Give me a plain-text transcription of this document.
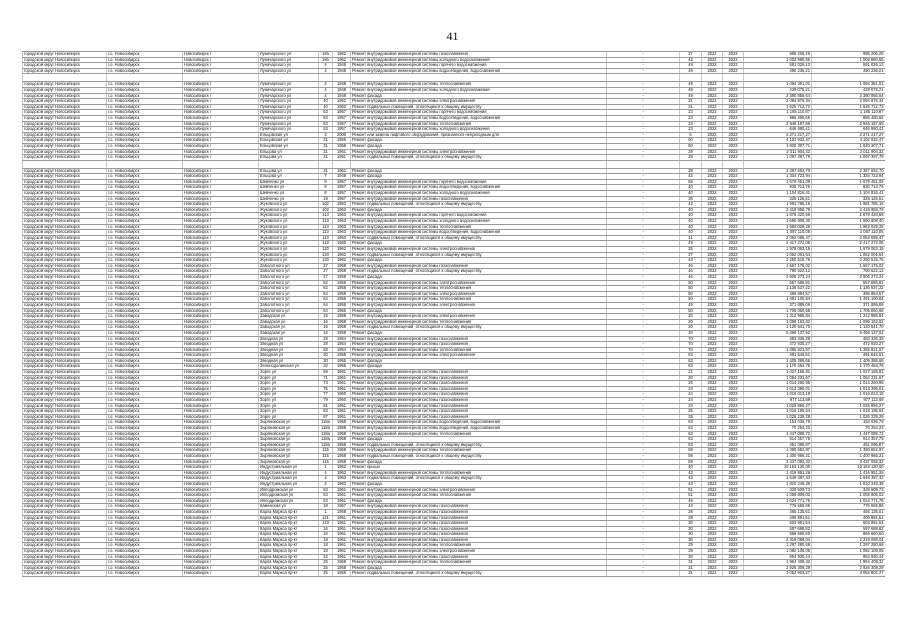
41
городской округ Новосибирск	г.о. Новосибирск	Новосибирск г	Луначарского ул	18а	1962	Ремонт внутридомовой инженерной системы газоснабжения	-	37	2022	2023	985 206,25	985 206,25
городской округ Новосибирск	г.о. Новосибирск	Новосибирск г	Луначарского ул	18б	1962	Ремонт внутридомовой инженерной системы холодного водоснабжения	-	42	2022	2023	1 002 980,55	1 002 980,55
городской округ Новосибирск	г.о. Новосибирск	Новосибирск г	Луначарского ул	4	1948	Ремонт внутридомовой инженерной системы горячего водоснабжения	-	49	2022	2023	591 026,13	591 026,13
городской округ Новосибирск	г.о. Новосибирск	Новосибирск г	Луначарского ул	4	1948	Ремонт внутридомовой инженерной системы водоотведения, водоснабжения	-	49	2022	2023	490 236,21	490 236,21

городской округ Новосибирск	г.о. Новосибирск	Новосибирск г	Луначарского ул	4	1948	Ремонт внутридомовой инженерной системы теплоснабжения	-	49	2022	2023	1 094 351,01	1 094 351,01
городской округ Новосибирск	г.о. Новосибирск	Новосибирск г	Луначарского ул	4	1948	Ремонт внутридомовой инженерной системы холодного водоснабжения	-	49	2022	2023	429 075,21	429 075,21
городской округ Новосибирск	г.о. Новосибирск	Новосибирск г	Луначарского ул	4	1948	Ремонт фасада	-	49	2022	2023	2 390 856,64	2 390 856,64
городской округ Новосибирск	г.о. Новосибирск	Новосибирск г	Луначарского ул	40	1962	Ремонт внутридомовой инженерной системы электроснабжения	-	31	2022	2023	2 094 876,34	2 094 876,34
городской округ Новосибирск	г.о. Новосибирск	Новосибирск г	Луначарского ул	40	1962	Ремонт подвальных помещений, относящихся к общему имуществу	-	31	2022	2023	1 625 712,72	1 625 712,72
городской округ Новосибирск	г.о. Новосибирск	Новосибирск г	Луначарского ул	63	1957	Ремонт внутридомовой инженерной системы горячего водоснабжения	-	23	2022	2023	1 185 110,87	1 185 110,87
городской округ Новосибирск	г.о. Новосибирск	Новосибирск г	Луначарского ул	63	1957	Ремонт внутридомовой инженерной системы водоотведения, водоснабжения	-	23	2022	2023	986 480,66	986 480,66
городской округ Новосибирск	г.о. Новосибирск	Новосибирск г	Луначарского ул	63	1957	Ремонт внутридомовой инженерной системы теплоснабжения	-	23	2022	2023	2 945 187,69	2 945 187,69
городской округ Новосибирск	г.о. Новосибирск	Новосибирск г	Луначарского ул	63	1957	Ремонт внутридомовой инженерной системы холодного водоснабжения	-	23	2022	2023	646 980,41	646 980,41
городской округ Новосибирск	г.о. Новосибирск	Новосибирск г	Ельцовская ул	2	2000	Ремонт или замена лифтового оборудования, признанного непригодным для	-	5	2022	2023	2 271 217,27	2 271 217,27
городской округ Новосибирск	г.о. Новосибирск	Новосибирск г	Ельцовская ул	31	1955	Ремонт фасада	-	60	2022	2023	4 102 932,47	4 102 932,47
городской округ Новосибирск	г.о. Новосибирск	Новосибирск г	Ельцовская ул	31	1958	Ремонт фасада	-	50	2022	2023	1 820 307,71	1 820 307,71
городской округ Новосибирск	г.о. Новосибирск	Новосибирск г	Ельцова ул	31	1961	Ремонт внутридомовой инженерной системы электроснабжения	-	29	2022	2023	2 011 904,32	2 011 904,32
городской округ Новосибирск	г.о. Новосибирск	Новосибирск г	Ельцова ул	31	1961	Ремонт подвальных помещений, относящихся к общему имуществу	-	29	2022	2023	1 097 397,79	1 097 397,79

городской округ Новосибирск	г.о. Новосибирск	Новосибирск г	Ельцова ул	31	1961	Ремонт фасада	-	29	2022	2023	2 387 652,70	2 387 652,70
городской округ Новосибирск	г.о. Новосибирск	Новосибирск г	Ельцова ул	7	1949	Ремонт фасада	-	42	2022	2023	1 334 723,94	1 334 723,94
городской округ Новосибирск	г.о. Новосибирск	Новосибирск г	Шевченко ул	8	1957	Ремонт внутридомовой инженерной системы горячего водоснабжения	-	65	2022	2023	1 679 451,09	1 679 451,09
городской округ Новосибирск	г.о. Новосибирск	Новосибирск г	Шевченко ул	8	1957	Ремонт внутридомовой инженерной системы водоотведения, водоснабжения	-	40	2022	2023	930 713,76	930 713,76
городской округ Новосибирск	г.о. Новосибирск	Новосибирск г	Шевченко ул	8	1957	Ремонт внутридомовой инженерной системы холодного водоснабжения	-	40	2022	2023	1 104 816,41	1 104 816,41
городской округ Новосибирск	г.о. Новосибирск	Новосибирск г	Шевченко ул	19	1957	Ремонт внутридомовой инженерной системы газоснабжения	-	36	2022	2023	325 126,51	325 126,51
городской округ Новосибирск	г.о. Новосибирск	Новосибирск г	Жуковского ул	102	1953	Ремонт подвальных помещений, относящихся к общему имуществу	-	42	2022	2023	1 981 786,16	1 981 786,16
городской округ Новосибирск	г.о. Новосибирск	Новосибирск г	Жуковского ул	102	1963	Ремонт фасада	-	40	2022	2023	2 418 958,79	2 418 958,79
городской округ Новосибирск	г.о. Новосибирск	Новосибирск г	Жуковского ул	113	1963	Ремонт внутридомовой инженерной системы горячего водоснабжения	-	40	2022	2023	1 678 420,59	1 678 420,59
городской округ Новосибирск	г.о. Новосибирск	Новосибирск г	Жуковского ул	113	1963	Ремонт внутридомовой инженерной системы холодного водоснабжения	-	40	2022	2023	1 690 808,40	1 690 808,40
городской округ Новосибирск	г.о. Новосибирск	Новосибирск г	Жуковского ул	113	1963	Ремонт внутридомовой инженерной системы теплоснабжения	-	40	2022	2023	1 982 029,28	1 982 029,28
городской округ Новосибирск	г.о. Новосибирск	Новосибирск г	Жуковского ул	113	1963	Ремонт внутридомовой инженерной системы водоотведения, водоснабжения	-	40	2022	2023	1 087 110,05	1 087 110,05
городской округ Новосибирск	г.о. Новосибирск	Новосибирск г	Жуковского ул	113	1963	Ремонт подвальных помещений, относящихся к общему имуществу	-	41	2022	2023	2 062 085,47	2 062 085,47
городской округ Новосибирск	г.о. Новосибирск	Новосибирск г	Жуковского ул	113	1960	Ремонт фасада	-	49	2022	2023	2 417 272,06	2 417 272,06
городской округ Новосибирск	г.о. Новосибирск	Новосибирск г	Жуковского ул	120	1962	Ремонт внутридомовой инженерной системы электроснабжения	-	35	2022	2023	1 979 063,15	1 979 063,15
городской округ Новосибирск	г.о. Новосибирск	Новосибирск г	Жуковского ул	120	1962	Ремонт подвальных помещений, относящихся к общему имуществу	-	37	2022	2023	1 062 001,64	1 062 001,64
городской округ Новосибирск	г.о. Новосибирск	Новосибирск г	Жуковского ул	120	1962	Ремонт фасада	-	43	2022	2023	2 250 515,76	2 250 515,76
городской округ Новосибирск	г.о. Новосибирск	Новосибирск г	Заболотного ул	27	1958	Ремонт внутридомовой инженерной системы газоснабжения	-	46	2022	2023	1 667 176,02	1 667 176,02
городской округ Новосибирск	г.о. Новосибирск	Новосибирск г	Заболотного ул	27	1958	Ремонт подвальных помещений, относящихся к общему имуществу	-	46	2022	2023	790 522,12	790 522,12
городской округ Новосибирск	г.о. Новосибирск	Новосибирск г	Заболотного ул	27	1958	Ремонт фасада	-	46	2022	2023	2 906 273,24	2 906 273,24
городской округ Новосибирск	г.о. Новосибирск	Новосибирск г	Заболотного ул	62	1956	Ремонт внутридомовой инженерной системы электроснабжения	-	50	2022	2023	557 686,91	557 686,91
городской округ Новосибирск	г.о. Новосибирск	Новосибирск г	Заболотного ул	62	1956	Ремонт внутридомовой инженерной системы теплоснабжения	-	50	2022	2023	1 136 537,22	1 136 537,22
городской округ Новосибирск	г.о. Новосибирск	Новосибирск г	Заболотного ул	64	1956	Ремонт внутридомовой инженерной системы электроснабжения	-	50	2022	2023	396 884,57	396 884,57
городской округ Новосибирск	г.о. Новосибирск	Новосибирск г	Заболотного ул	64	1956	Ремонт внутридомовой инженерной системы теплоснабжения	-	50	2022	2023	1 491 100,84	1 491 100,84
городской округ Новосибирск	г.о. Новосибирск	Новосибирск г	Заболотного ул	64	1956	Ремонт внутридомовой инженерной системы электроснабжения	-	45	2022	2023	371 886,06	371 886,06
городской округ Новосибирск	г.о. Новосибирск	Новосибирск г	Заболотного ул	64	1956	Ремонт фасада	-	50	2022	2023	1 705 060,68	1 705 060,68
городской округ Новосибирск	г.о. Новосибирск	Новосибирск г	Заводская ул	16	1958	Ремонт внутридомовой инженерной системы электроснабжения	-	20	2022	2023	1 312 986,84	1 312 986,84
городской округ Новосибирск	г.о. Новосибирск	Новосибирск г	Заводская ул	16	1958	Ремонт внутридомовой инженерной системы теплоснабжения	-	20	2022	2023	1 099 163,82	1 099 163,82
городской округ Новосибирск	г.о. Новосибирск	Новосибирск г	Заводская ул	16	1958	Ремонт подвальных помещений, относящихся к общему имуществу	-	20	2022	2023	1 120 541,70	1 120 541,70
городской округ Новосибирск	г.о. Новосибирск	Новосибирск г	Заводская ул	16	1958	Ремонт фасада	-	20	2022	2023	5 466 137,52	5 466 137,52
городской округ Новосибирск	г.о. Новосибирск	Новосибирск г	Звездная ул	28	1954	Ремонт внутридомовой инженерной системы газоснабжения	-	70	2022	2023	483 336,38	483 336,38
городской округ Новосибирск	г.о. Новосибирск	Новосибирск г	Звездная ул	28	1954	Ремонт внутридомовой инженерной системы газоснабжения	-	70	2022	2023	472 930,27	472 930,27
городской округ Новосибирск	г.о. Новосибирск	Новосибирск г	Звездная ул	28	1954	Ремонт внутридомовой инженерной системы теплоснабжения	-	70	2022	2023	1 385 921,57	1 385 921,57
городской округ Новосибирск	г.о. Новосибирск	Новосибирск г	Звездная ул	30	1955	Ремонт внутридомовой инженерной системы электроснабжения	-	63	2022	2023	491 646,51	491 646,51
городской округ Новосибирск	г.о. Новосибирск	Новосибирск г	Звездная ул	30	1955	Ремонт фасада	-	63	2022	2023	1 405 386,66	1 405 386,66
городской округ Новосибирск	г.о. Новосибирск	Новосибирск г	Зеленодолинская ул	32	1955	Ремонт фасада	-	63	2022	2023	1 170 454,76	1 170 454,76
городской округ Новосибирск	г.о. Новосибирск	Новосибирск г	Зорге ул	69	1961	Ремонт внутридомовой инженерной системы газоснабжения	-	21	2022	2023	1 027 165,81	1 027 165,81
городской округ Новосибирск	г.о. Новосибирск	Новосибирск г	Зорге ул	71	1961	Ремонт внутридомовой инженерной системы газоснабжения	-	20	2022	2023	1 054 231,67	1 054 231,67
городской округ Новосибирск	г.о. Новосибирск	Новосибирск г	Зорге ул	73	1961	Ремонт внутридомовой инженерной системы газоснабжения	-	25	2022	2023	1 014 260,95	1 014 260,95
городской округ Новосибирск	г.о. Новосибирск	Новосибирск г	Зорге ул	75	1961	Ремонт внутридомовой инженерной системы газоснабжения	-	24	2022	2023	1 013 396,01	1 013 396,01
городской округ Новосибирск	г.о. Новосибирск	Новосибирск г	Зорге ул	77	1960	Ремонт внутридомовой инженерной системы газоснабжения	-	24	2022	2023	1 016 013,19	1 016 013,19
городской округ Новосибирск	г.о. Новосибирск	Новосибирск г	Зорге ул	79	1960	Ремонт внутридомовой инженерной системы газоснабжения	-	24	2022	2023	977 113,69	977 113,69
городской округ Новосибирск	г.о. Новосибирск	Новосибирск г	Зорге ул	81	1961	Ремонт внутридомовой инженерной системы газоснабжения	-	24	2022	2023	1 026 856,27	1 026 856,27
городской округ Новосибирск	г.о. Новосибирск	Новосибирск г	Зорге ул	83	1961	Ремонт внутридомовой инженерной системы газоснабжения	-	25	2022	2023	1 018 195,64	1 018 195,64
городской округ Новосибирск	г.о. Новосибирск	Новосибирск г	Зорге ул	87	1961	Ремонт внутридомовой инженерной системы газоснабжения	-	25	2022	2023	1 026 239,29	1 026 239,29
городской округ Новосибирск	г.о. Новосибирск	Новосибирск г	Зыряновская ул	118а	1958	Ремонт внутридомовой инженерной системы водоотведения, водоснабжения	-	63	2022	2023	153 036,79	153 036,79
городской округ Новосибирск	г.о. Новосибирск	Новосибирск г	Зыряновская ул	118а	1958	Ремонт внутридомовой инженерной системы водоотведения, водоснабжения	-	63	2022	2023	70 254,23	70 254,23
городской округ Новосибирск	г.о. Новосибирск	Новосибирск г	Зыряновская ул	118а	1958	Ремонт внутридомовой инженерной системы теплоснабжения	-	63	2022	2023	1 447 089,72	1 447 089,72
городской округ Новосибирск	г.о. Новосибирск	Новосибирск г	Зыряновская ул	118а	1958	Ремонт фасада	-	63	2022	2023	914 357,79	914 357,79
городской округ Новосибирск	г.о. Новосибирск	Новосибирск г	Зыряновская ул	118а	1958	Ремонт подвальных помещений, относящихся к общему имуществу	-	63	2022	2023	451 096,87	451 096,87
городской округ Новосибирск	г.о. Новосибирск	Новосибирск г	Зыряновская ул	115	1958	Ремонт внутридомовой инженерной системы теплоснабжения	-	59	2022	2023	1 380 652,97	1 380 652,97
городской округ Новосибирск	г.о. Новосибирск	Новосибирск г	Зыряновская ул	115	1958	Ремонт подвальных помещений, относящихся к общему имуществу	-	59	2022	2023	1 400 966,21	1 400 966,21
городской округ Новосибирск	г.о. Новосибирск	Новосибирск г	Зыряновская ул	115	1958	Ремонт фасада	-	59	2022	2023	3 437 092,32	3 437 092,32
городской округ Новосибирск	г.о. Новосибирск	Новосибирск г	Индустриальная ул	1	1962	Ремонт крыши	-	40	2022	2023	10 163 130,00	10 163 130,00
городской округ Новосибирск	г.о. Новосибирск	Новосибирск г	Индустриальная ул	4	1963	Ремонт внутридомовой инженерной системы теплоснабжения	-	43	2022	2023	1 416 951,26	1 416 951,26
городской округ Новосибирск	г.о. Новосибирск	Новосибирск г	Индустриальная ул	4	1963	Ремонт подвальных помещений, относящихся к общему имуществу	-	43	2022	2023	1 649 397,33	1 649 397,33
городской округ Новосибирск	г.о. Новосибирск	Новосибирск г	Индустриальная ул	4	1963	Ремонт фасада	-	43	2022	2023	1 810 249,39	1 810 249,39
городской округ Новосибирск	г.о. Новосибирск	Новосибирск г	Ипподромская ул	63	1961	Ремонт внутридомовой инженерной системы электроснабжения	-	51	2022	2023	329 609,73	329 609,73
городской округ Новосибирск	г.о. Новосибирск	Новосибирск г	Ипподромская ул	63	1961	Ремонт внутридомовой инженерной системы теплоснабжения	-	51	2022	2023	1 059 806,02	1 059 806,02
городской округ Новосибирск	г.о. Новосибирск	Новосибирск г	Ипподромская ул	63	1961	Ремонт фасада	-	49	2022	2023	1 024 771,76	1 024 771,76
городской округ Новосибирск	г.о. Новосибирск	Новосибирск г	Каменская ул	18	1957	Ремонт внутридомовой инженерной системы газоснабжения	-	43	2022	2023	776 665,86	776 665,86
городской округ Новосибирск	г.о. Новосибирск	Новосибирск г	Карла Маркса пр-кт	1	1958	Ремонт внутридомовой инженерной системы газоснабжения	-	28	2022	2023	465 135,61	465 135,61
городской округ Новосибирск	г.о. Новосибирск	Новосибирск г	Карла Маркса пр-кт	121	1961	Ремонт внутридомовой инженерной системы газоснабжения	-	28	2022	2023	406 891,51	406 891,51
городской округ Новосибирск	г.о. Новосибирск	Новосибирск г	Карла Маркса пр-кт	123	1961	Ремонт внутридомовой инженерной системы газоснабжения	-	30	2022	2023	503 991,54	503 991,54
городской округ Новосибирск	г.о. Новосибирск	Новосибирск г	Карла Маркса пр-кт	16	1961	Ремонт внутридомовой инженерной системы газоснабжения	-	30	2022	2023	597 688,82	597 688,82
городской округ Новосибирск	г.о. Новосибирск	Новосибирск г	Карла Маркса пр-кт	16	1961	Ремонт внутридомовой инженерной системы газоснабжения	-	30	2022	2023	866 660,60	866 660,60
городской округ Новосибирск	г.о. Новосибирск	Новосибирск г	Карла Маркса пр-кт	18	1961	Ремонт внутридомовой инженерной системы газоснабжения	-	30	2022	2023	2 319 088,04	2 319 088,04
городской округ Новосибирск	г.о. Новосибирск	Новосибирск г	Карла Маркса пр-кт	18	1961	Ремонт внутридомовой инженерной системы теплоснабжения	-	29	2022	2023	1 297 280,68	1 297 280,68
городской округ Новосибирск	г.о. Новосибирск	Новосибирск г	Карла Маркса пр-кт	18	1961	Ремонт внутридомовой инженерной системы электроснабжения	-	29	2022	2023	1 082 108,05	1 082 108,05
городской округ Новосибирск	г.о. Новосибирск	Новосибирск г	Карла Маркса пр-кт	22	1961	Ремонт внутридомовой инженерной системы газоснабжения	-	30	2022	2023	854 930,44	854 930,44
городской округ Новосибирск	г.о. Новосибирск	Новосибирск г	Карла Маркса пр-кт	25	1958	Ремонт внутридомовой инженерной системы теплоснабжения	-	31	2022	2023	1 964 409,32	1 964 409,32
городской округ Новосибирск	г.о. Новосибирск	Новосибирск г	Карла Маркса пр-кт	25	1958	Ремонт фасада	-	31	2022	2023	2 926 309,29	2 926 309,29
городской округ Новосибирск	г.о. Новосибирск	Новосибирск г	Карла Маркса пр-кт	25	1958	Ремонт подвальных помещений, относящихся к общему имуществу	-	31	2022	2023	3 052 902,27	3 052 902,27
